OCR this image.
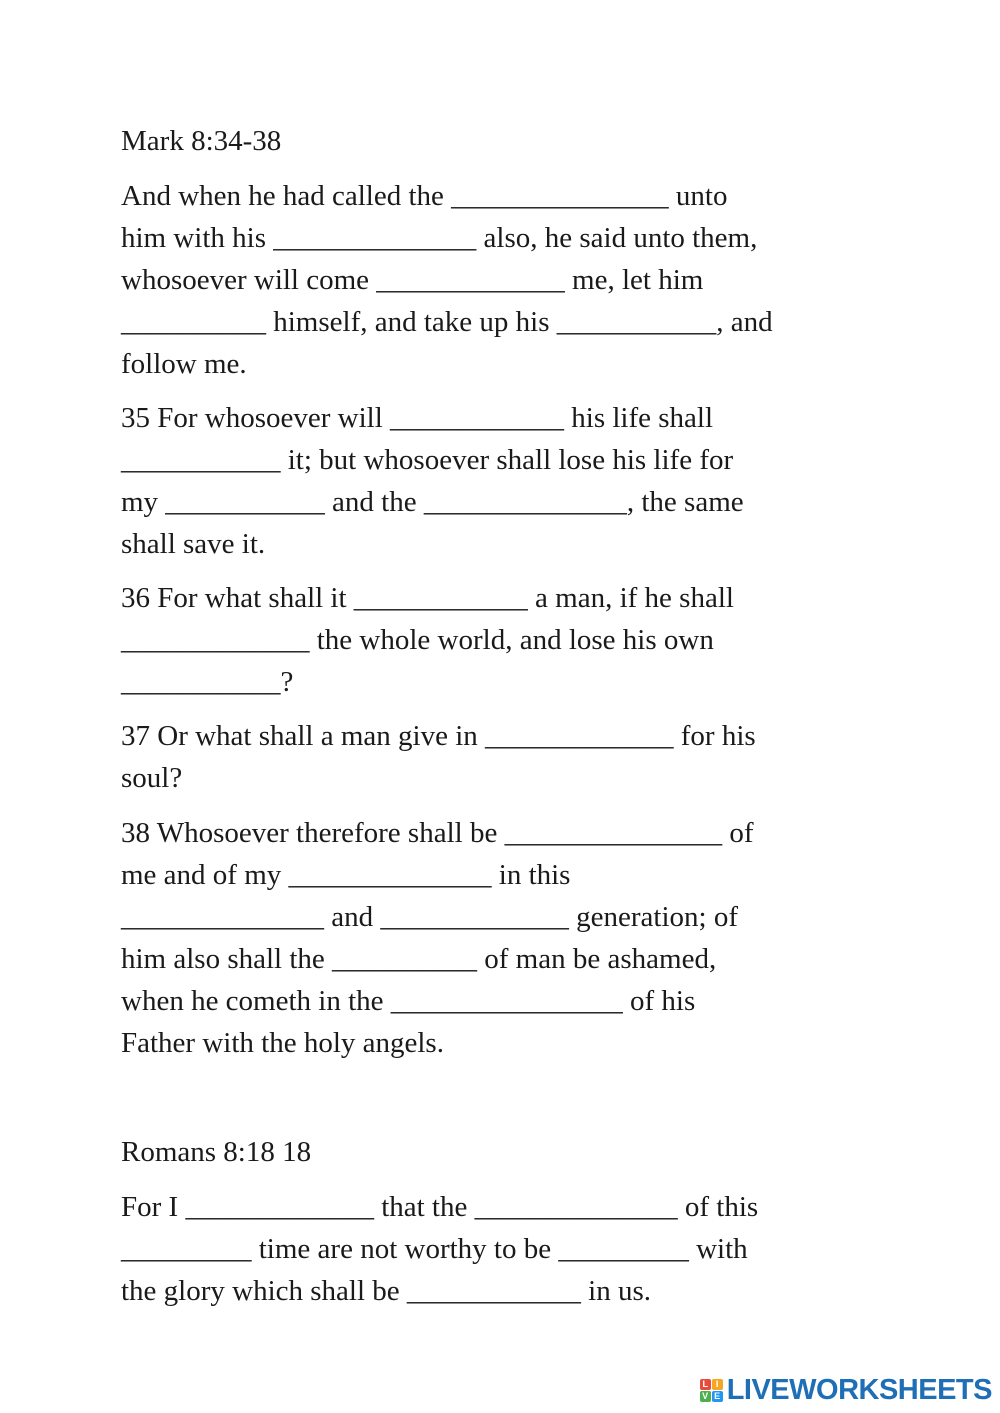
Mark 8:34-38
And when he had called the _______________ unto
him with his ______________ also, he said unto them,
whosoever will come _____________ me, let him
__________ himself, and take up his ___________, and
follow me.
35 For whosoever will ____________ his life shall
___________ it; but whosoever shall lose his life for
my ___________ and the ______________, the same
shall save it.
36 For what shall it ____________ a man, if he shall
_____________ the whole world, and lose his own
___________?
37 Or what shall a man give in _____________ for his
soul?
38 Whosoever therefore shall be _______________ of
me and of my ______________ in this
______________ and _____________ generation; of
him also shall the __________ of man be ashamed,
when he cometh in the ________________ of his
Father with the holy angels.
Romans 8:18 18
For I _____________ that the ______________ of this
_________ time are not worthy to be _________ with
the glory which shall be ____________ in us.
L I
V E LIVEWORKSHEETS
